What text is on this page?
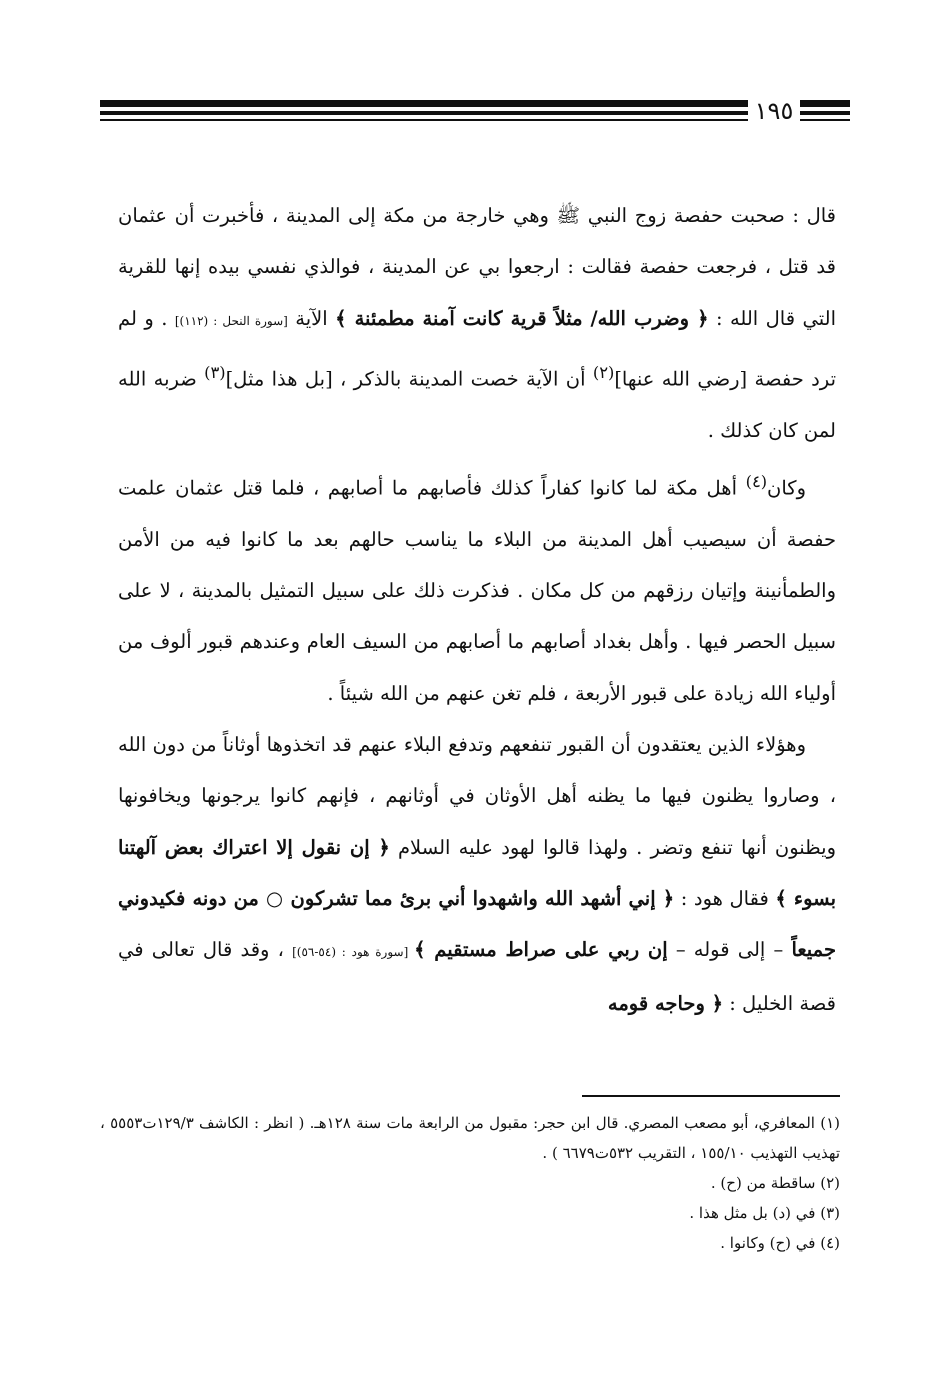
١٩٥

قال : صحبت حفصة زوج النبي ﷺ وهي خارجة من مكة إلى المدينة ، فأخبرت أن عثمان قد قتل ، فرجعت حفصة فقالت : ارجعوا بي عن المدينة ، فوالذي نفسي بيده إنها للقرية التي قال الله : ﴿ وضرب الله/ مثلاً قرية كانت آمنة مطمئنة ﴾ الآية [سورة النحل : (١١٢)] . و لم ترد حفصة [رضي الله عنها]$^{(٢)}$ أن الآية خصت المدينة بالذكر ، [بل هذا مثل]$^{(٣)}$ ضربه الله لمن كان كذلك .

وكان$^{(٤)}$ أهل مكة لما كانوا كفاراً كذلك فأصابهم ما أصابهم ، فلما قتل عثمان علمت حفصة أن سيصيب أهل المدينة من البلاء ما يناسب حالهم بعد ما كانوا فيه من الأمن والطمأنينة وإتيان رزقهم من كل مكان . فذكرت ذلك على سبيل التمثيل بالمدينة ، لا على سبيل الحصر فيها . وأهل بغداد أصابهم ما أصابهم من السيف العام وعندهم قبور ألوف من أولياء الله زيادة على قبور الأربعة ، فلم تغن عنهم من الله شيئاً .

وهؤلاء الذين يعتقدون أن القبور تنفعهم وتدفع البلاء عنهم قد اتخذوها أوثاناً من دون الله ، وصاروا يظنون فيها ما يظنه أهل الأوثان في أوثانهم ، فإنهم كانوا يرجونها ويخافونها ويظنون أنها تنفع وتضر . ولهذا قالوا لهود عليه السلام ﴿ إن نقول إلا اعتراك بعض آلهتنا بسوء ﴾ فقال هود : ﴿ إني أشهد الله واشهدوا أني برئ مما تشركون ○ من دونه فكيدوني جميعاً – إلى قوله – إن ربي على صراط مستقيم ﴾ [سورة هود : (٥٤-٥٦)] ، وقد قال تعالى في قصة الخليل : ﴿ وحاجه قومه

(١) المعافري، أبو مصعب المصري. قال ابن حجر: مقبول من الرابعة مات سنة ١٢٨هـ. ( انظر : الكاشف ١٢٩/٣ت٥٥٥٣ ، تهذيب التهذيب ١٥٥/١٠ ، التقريب ٥٣٢ت٦٦٧٩ ) .

(٢) ساقطة من (ح) .

(٣) في (د) بل مثل هذا .

(٤) في (ح) وكانوا .
